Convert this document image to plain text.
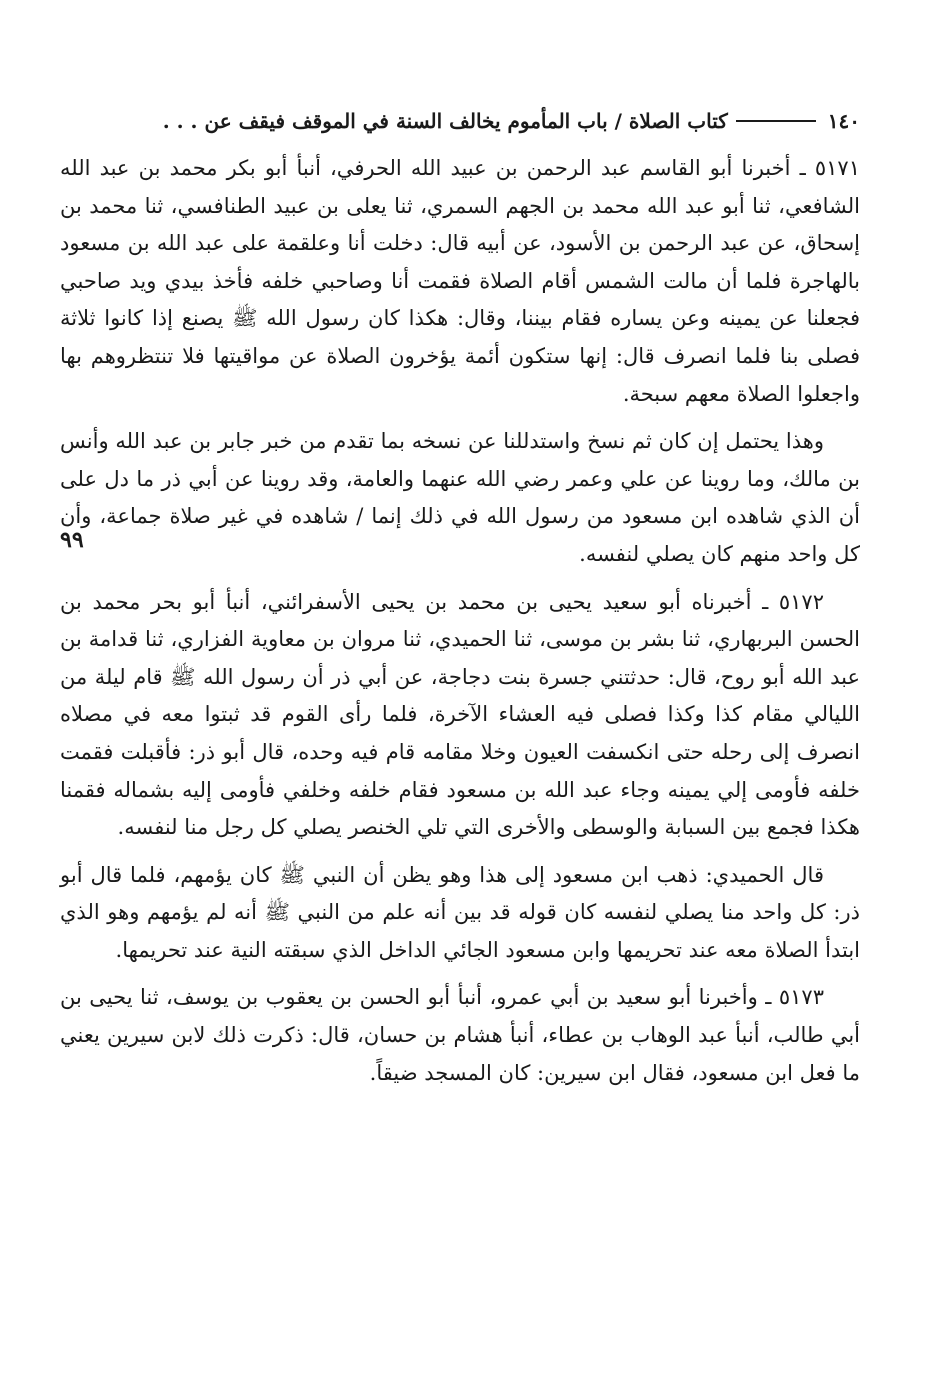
١٤٠
كتاب الصلاة / باب المأموم يخالف السنة في الموقف فيقف عن . . .

٥١٧١ ـ أخبرنا أبو القاسم عبد الرحمن بن عبيد الله الحرفي، أنبأ أبو بكر محمد بن عبد الله الشافعي، ثنا أبو عبد الله محمد بن الجهم السمري، ثنا يعلى بن عبيد الطنافسي، ثنا محمد بن إسحاق، عن عبد الرحمن بن الأسود، عن أبيه قال: دخلت أنا وعلقمة على عبد الله بن مسعود بالهاجرة فلما أن مالت الشمس أقام الصلاة فقمت أنا وصاحبي خلفه فأخذ بيدي ويد صاحبي فجعلنا عن يمينه وعن يساره فقام بيننا، وقال: هكذا كان رسول الله ﷺ يصنع إذا كانوا ثلاثة فصلى بنا فلما انصرف قال: إنها ستكون أئمة يؤخرون الصلاة عن مواقيتها فلا تنتظروهم بها واجعلوا الصلاة معهم سبحة.

وهذا يحتمل إن كان ثم نسخ واستدللنا عن نسخه بما تقدم من خبر جابر بن عبد الله وأنس بن مالك، وما روينا عن علي وعمر رضي الله عنهما والعامة، وقد روينا عن أبي ذر ما دل على أن الذي شاهده ابن مسعود من رسول الله في ذلك إنما / شاهده في غير صلاة جماعة، وأن كل واحد منهم كان يصلي لنفسه.

٥١٧٢ ـ أخبرناه أبو سعيد يحيى بن محمد بن يحيى الأسفرائني، أنبأ أبو بحر محمد بن الحسن البربهاري، ثنا بشر بن موسى، ثنا الحميدي، ثنا مروان بن معاوية الفزاري، ثنا قدامة بن عبد الله أبو روح، قال: حدثتني جسرة بنت دجاجة، عن أبي ذر أن رسول الله ﷺ قام ليلة من الليالي مقام كذا وكذا فصلى فيه العشاء الآخرة، فلما رأى القوم قد ثبتوا معه في مصلاه انصرف إلى رحله حتى انكسفت العيون وخلا مقامه قام فيه وحده، قال أبو ذر: فأقبلت فقمت خلفه فأومى إلي يمينه وجاء عبد الله بن مسعود فقام خلفه وخلفي فأومى إليه بشماله فقمنا هكذا فجمع بين السبابة والوسطى والأخرى التي تلي الخنصر يصلي كل رجل منا لنفسه.

قال الحميدي: ذهب ابن مسعود إلى هذا وهو يظن أن النبي ﷺ كان يؤمهم، فلما قال أبو ذر: كل واحد منا يصلي لنفسه كان قوله قد بين أنه علم من النبي ﷺ أنه لم يؤمهم وهو الذي ابتدأ الصلاة معه عند تحريمها وابن مسعود الجائي الداخل الذي سبقته النية عند تحريمها.

٥١٧٣ ـ وأخبرنا أبو سعيد بن أبي عمرو، أنبأ أبو الحسن بن يعقوب بن يوسف، ثنا يحيى بن أبي طالب، أنبأ عبد الوهاب بن عطاء، أنبأ هشام بن حسان، قال: ذكرت ذلك لابن سيرين يعني ما فعل ابن مسعود، فقال ابن سيرين: كان المسجد ضيقاً.

٩٩
